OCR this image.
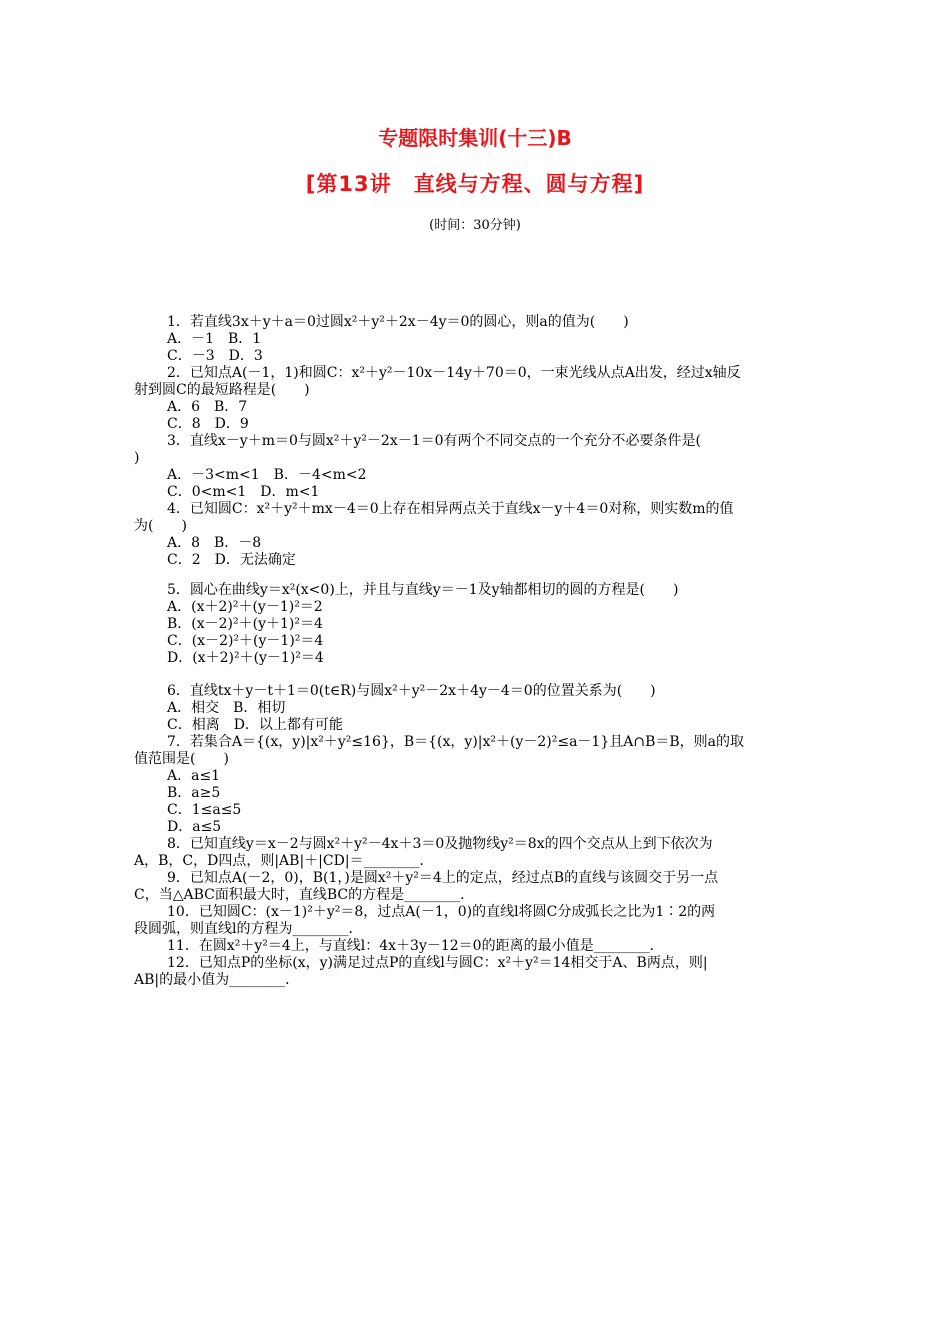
专题限时集训(十三)B
[第13讲　直线与方程、圆与方程]
(时间：30分钟)
1．若直线3x＋y＋a＝0过圆x²＋y²＋2x－4y＝0的圆心，则a的值为(　　)
A．－1　B．1
C．－3　D．3
2．已知点A(－1，1)和圆C：x²＋y²－10x－14y＋70＝0，一束光线从点A出发，经过x轴反
射到圆C的最短路程是(　　)
A．6　B．7
C．8　D．9
3．直线x－y＋m＝0与圆x²＋y²－2x－1＝0有两个不同交点的一个充分不必要条件是(
)
A．－3<m<1　B．－4<m<2
C．0<m<1　D．m<1
4．已知圆C：x²＋y²＋mx－4＝0上存在相异两点关于直线x－y＋4＝0对称，则实数m的值
为(　　)
A．8　B．－8
C．2　D．无法确定
5．圆心在曲线y＝x²(x<0)上，并且与直线y＝－1及y轴都相切的圆的方程是(　　)
A．(x＋2)²＋(y－1)²＝2
B．(x－2)²＋(y＋1)²＝4
C．(x－2)²＋(y－1)²＝4
D．(x＋2)²＋(y－1)²＝4
6．直线tx＋y－t＋1＝0(t∈R)与圆x²＋y²－2x＋4y－4＝0的位置关系为(　　)
A．相交　B．相切
C．相离　D．以上都有可能
7．若集合A＝{(x，y)|x²＋y²≤16}，B＝{(x，y)|x²＋(y－2)²≤a－1}且A∩B＝B，则a的取
值范围是(　　)
A．a≤1
B．a≥5
C．1≤a≤5
D．a≤5
8．已知直线y＝x－2与圆x²＋y²－4x＋3＝0及抛物线y²＝8x的四个交点从上到下依次为
A，B，C，D四点，则|AB|＋|CD|＝________．
9．已知点A(－2，0)，B(1，)是圆x²＋y²＝4上的定点，经过点B的直线与该圆交于另一点
C，当△ABC面积最大时，直线BC的方程是________．
10．已知圆C：(x－1)²＋y²＝8，过点A(－1，0)的直线l将圆C分成弧长之比为1∶2的两
段圆弧，则直线l的方程为________．
11．在圆x²＋y²＝4上，与直线l：4x＋3y－12＝0的距离的最小值是________．
12．已知点P的坐标(x，y)满足过点P的直线l与圆C：x²＋y²＝14相交于A、B两点，则|
AB|的最小值为________．
